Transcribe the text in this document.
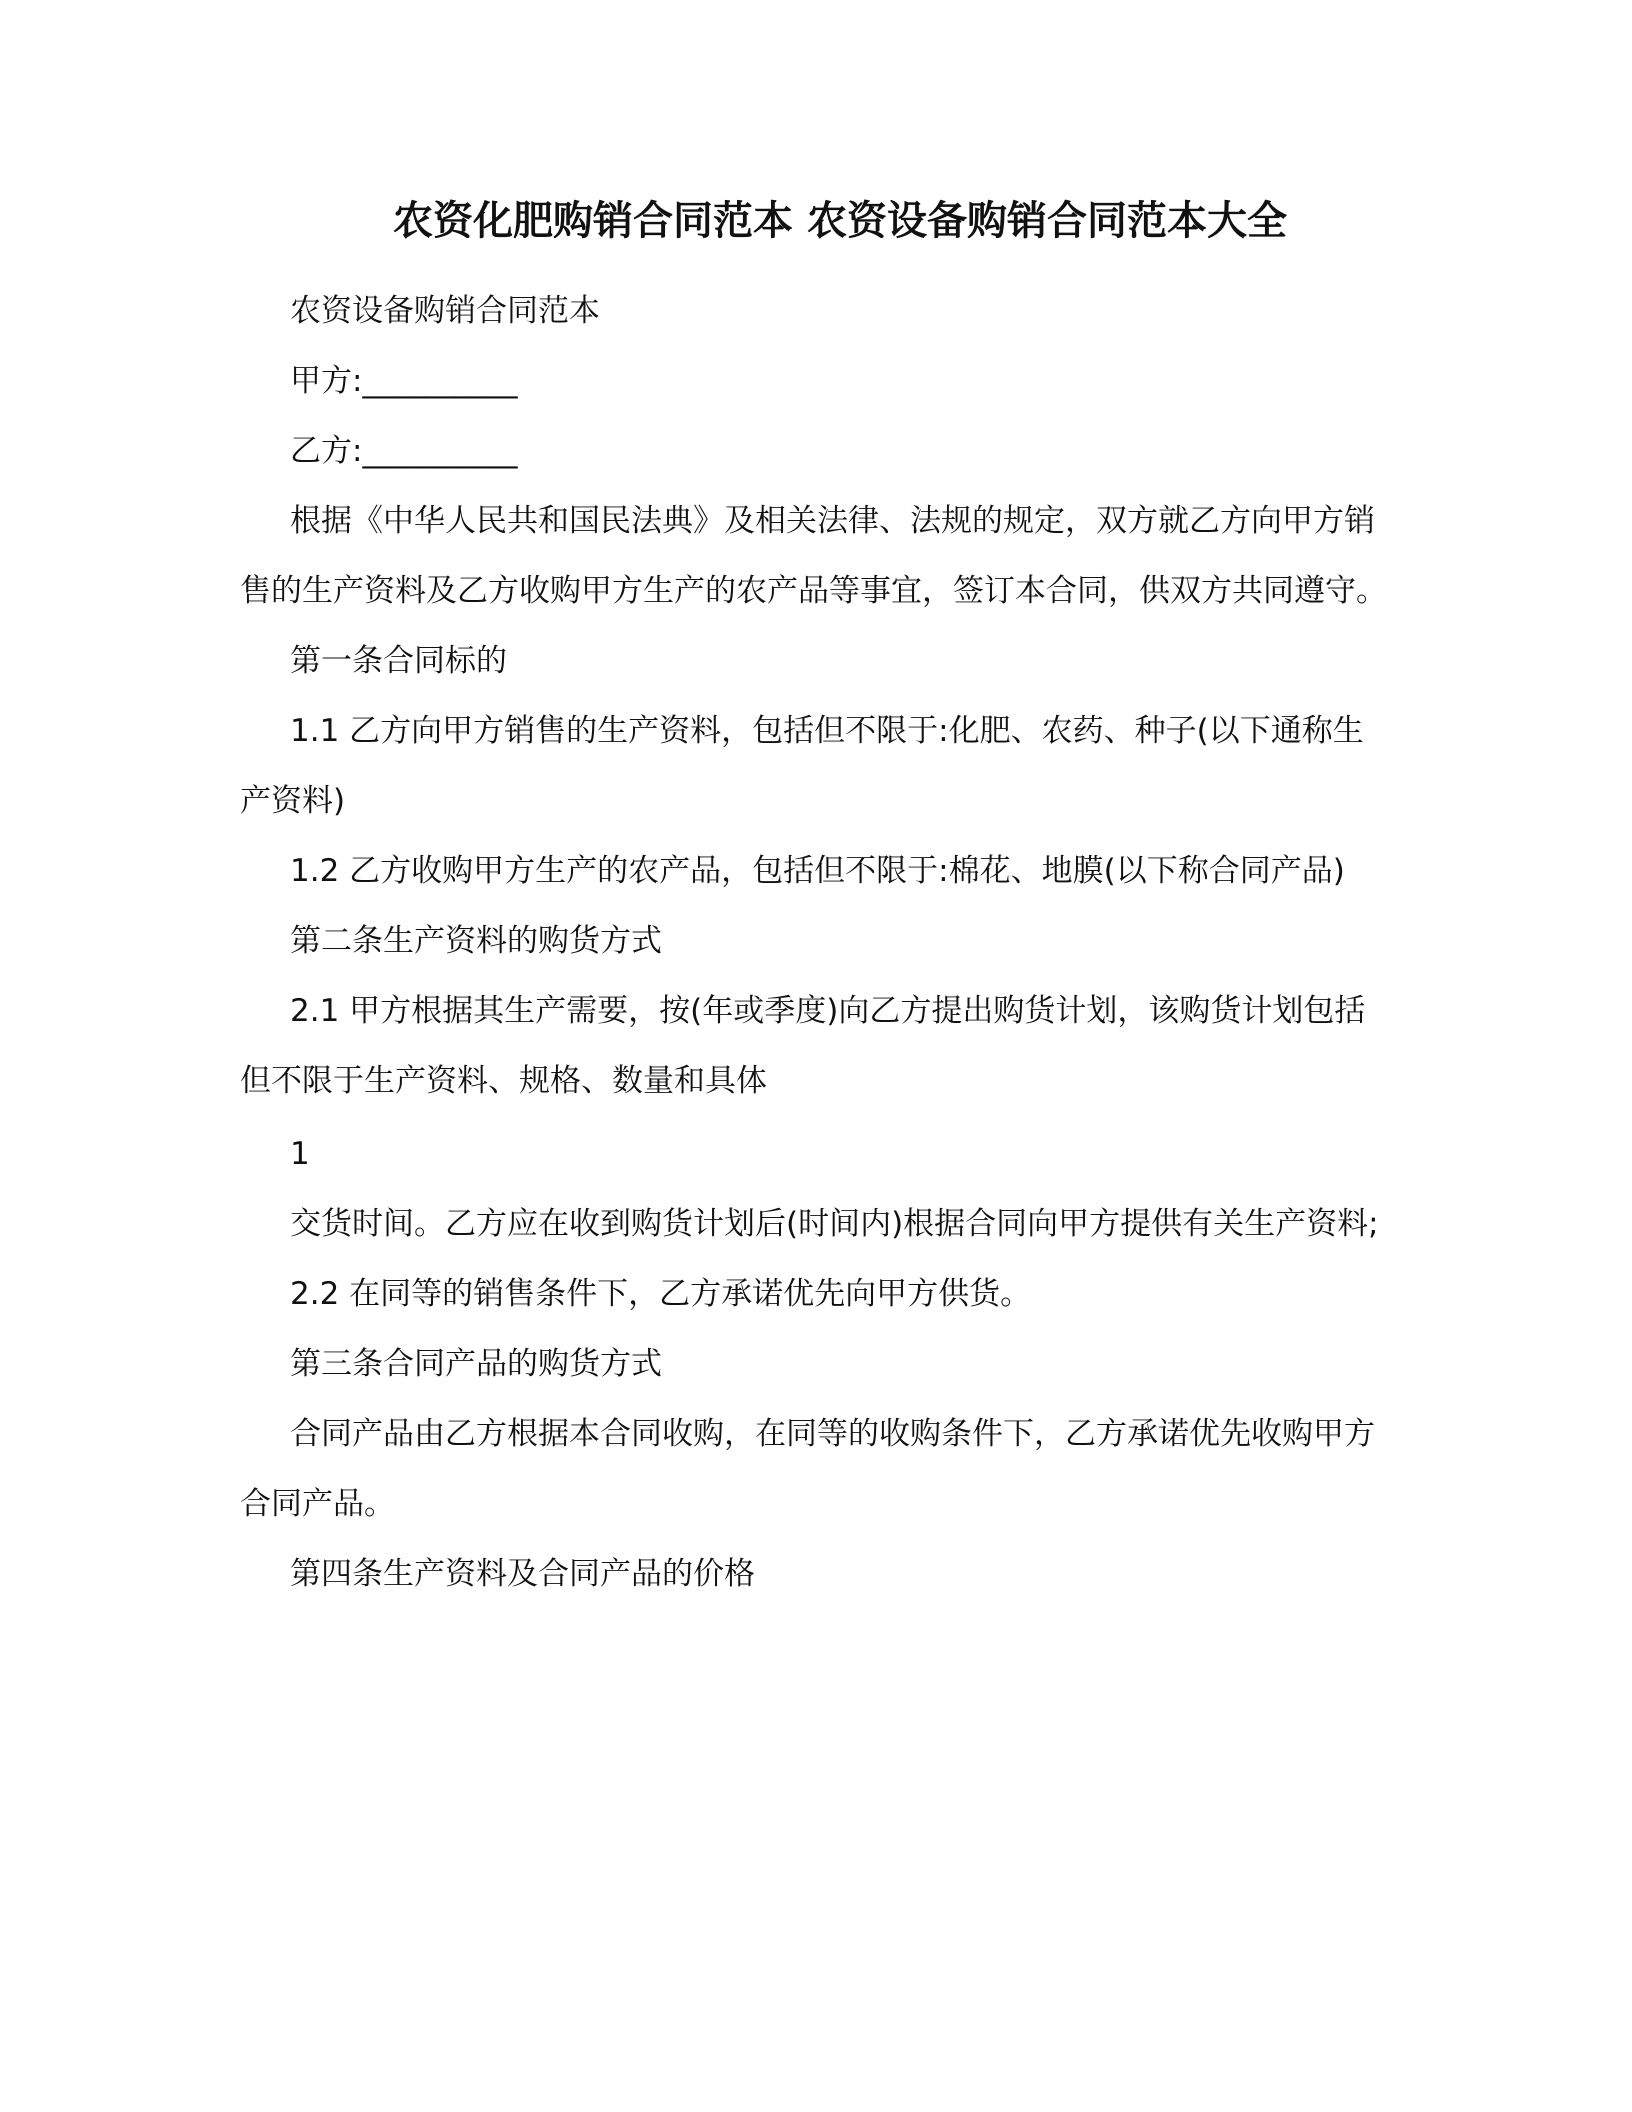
农资化肥购销合同范本 农资设备购销合同范本大全

农资设备购销合同范本

甲方:__________

乙方:__________

根据《中华人民共和国民法典》及相关法律、法规的规定，双方就乙方向甲方销售的生产资料及乙方收购甲方生产的农产品等事宜，签订本合同，供双方共同遵守。

第一条合同标的

1.1 乙方向甲方销售的生产资料，包括但不限于:化肥、农药、种子(以下通称生产资料)

1.2 乙方收购甲方生产的农产品，包括但不限于:棉花、地膜(以下称合同产品)

第二条生产资料的购货方式

2.1 甲方根据其生产需要，按(年或季度)向乙方提出购货计划，该购货计划包括但不限于生产资料、规格、数量和具体

1

交货时间。乙方应在收到购货计划后(时间内)根据合同向甲方提供有关生产资料;

2.2 在同等的销售条件下，乙方承诺优先向甲方供货。

第三条合同产品的购货方式

合同产品由乙方根据本合同收购，在同等的收购条件下，乙方承诺优先收购甲方合同产品。

第四条生产资料及合同产品的价格
